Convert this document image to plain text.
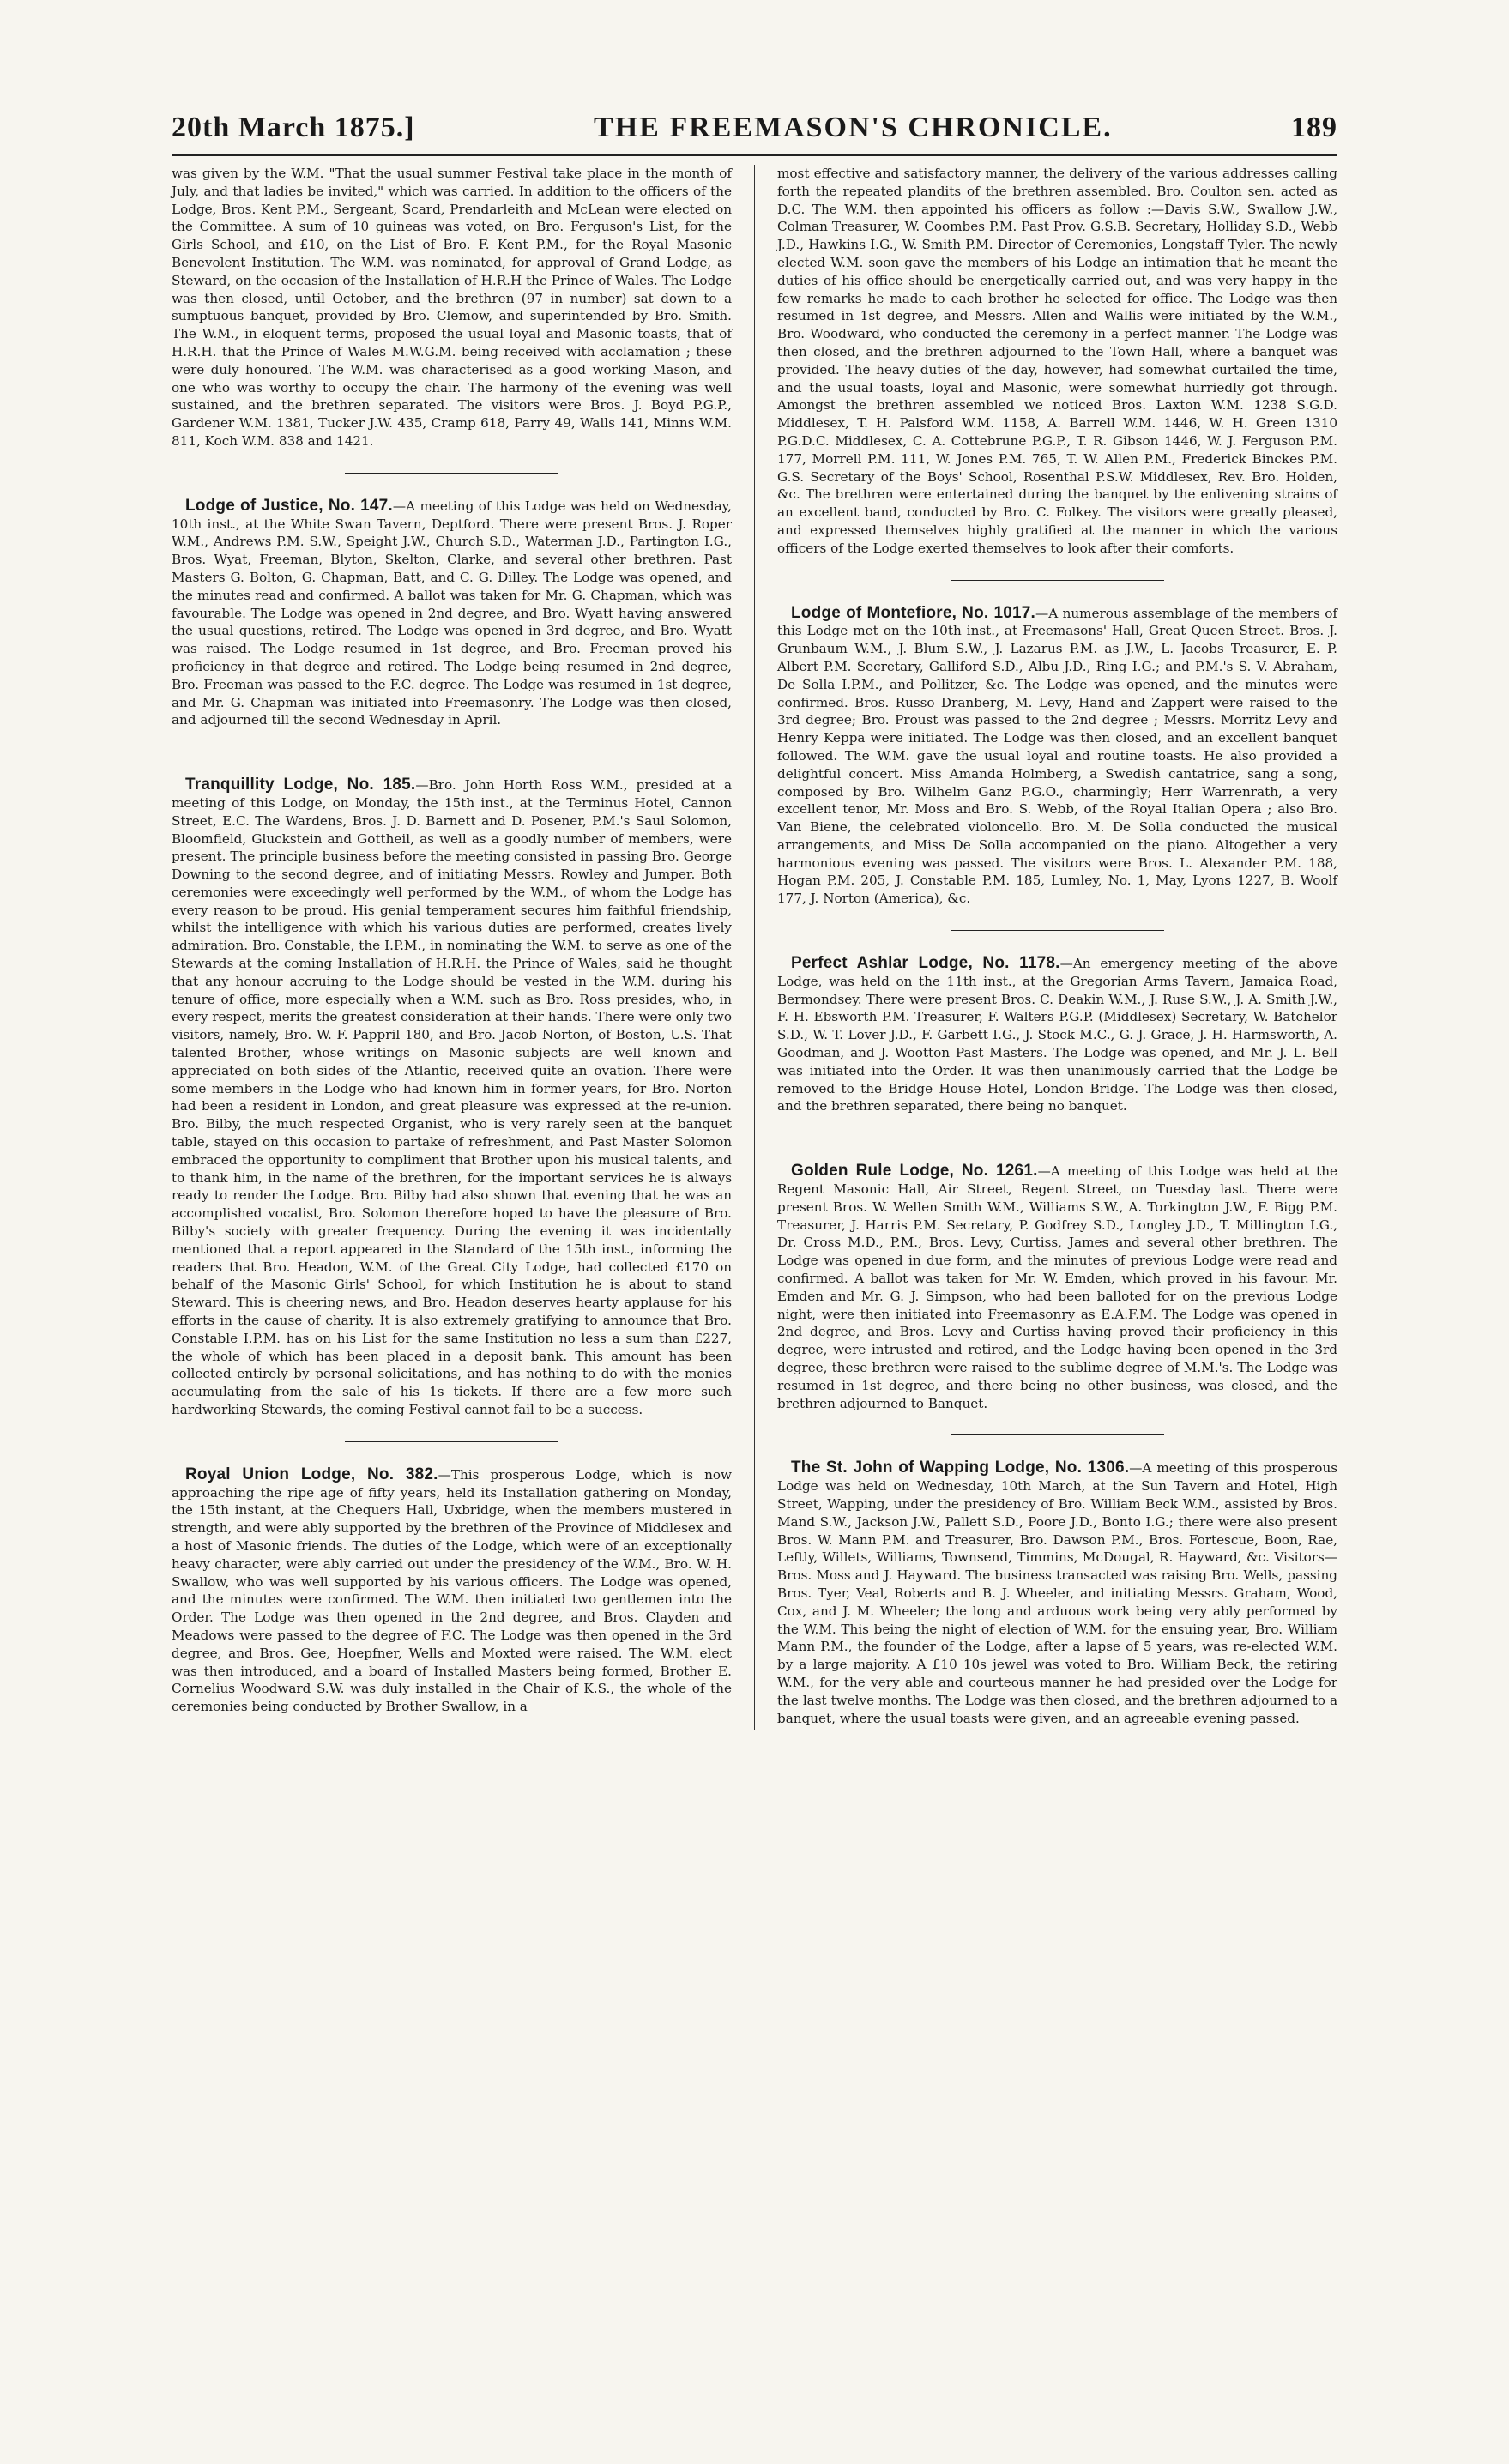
20th March 1875.]	THE FREEMASON'S CHRONICLE.	189

was given by the W.M. "That the usual summer Festival take place in the month of July, and that ladies be invited," which was carried. In addition to the officers of the Lodge, Bros. Kent P.M., Sergeant, Scard, Prendarleith and McLean were elected on the Committee. A sum of 10 guineas was voted, on Bro. Ferguson's List, for the Girls School, and £10, on the List of Bro. F. Kent P.M., for the Royal Masonic Benevolent Institution. The W.M. was nominated, for approval of Grand Lodge, as Steward, on the occasion of the Installation of H.R.H the Prince of Wales. The Lodge was then closed, until October, and the brethren (97 in number) sat down to a sumptuous banquet, provided by Bro. Clemow, and superintended by Bro. Smith. The W.M., in eloquent terms, proposed the usual loyal and Masonic toasts, that of H.R.H. that the Prince of Wales M.W.G.M. being received with acclamation ; these were duly honoured. The W.M. was characterised as a good working Mason, and one who was worthy to occupy the chair. The harmony of the evening was well sustained, and the brethren separated. The visitors were Bros. J. Boyd P.G.P., Gardener W.M. 1381, Tucker J.W. 435, Cramp 618, Parry 49, Walls 141, Minns W.M. 811, Koch W.M. 838 and 1421.

Lodge of Justice, No. 147.—A meeting of this Lodge was held on Wednesday, 10th inst., at the White Swan Tavern, Deptford. There were present Bros. J. Roper W.M., Andrews P.M. S.W., Speight J.W., Church S.D., Waterman J.D., Partington I.G., Bros. Wyat, Freeman, Blyton, Skelton, Clarke, and several other brethren. Past Masters G. Bolton, G. Chapman, Batt, and C. G. Dilley. The Lodge was opened, and the minutes read and confirmed. A ballot was taken for Mr. G. Chapman, which was favourable. The Lodge was opened in 2nd degree, and Bro. Wyatt having answered the usual questions, retired. The Lodge was opened in 3rd degree, and Bro. Wyatt was raised. The Lodge resumed in 1st degree, and Bro. Freeman proved his proficiency in that degree and retired. The Lodge being resumed in 2nd degree, Bro. Freeman was passed to the F.C. degree. The Lodge was resumed in 1st degree, and Mr. G. Chapman was initiated into Freemasonry. The Lodge was then closed, and adjourned till the second Wednesday in April.

Tranquillity Lodge, No. 185.—Bro. John Horth Ross W.M., presided at a meeting of this Lodge, on Monday, the 15th inst., at the Terminus Hotel, Cannon Street, E.C. The Wardens, Bros. J. D. Barnett and D. Posener, P.M.'s Saul Solomon, Bloomfield, Gluckstein and Gottheil, as well as a goodly number of members, were present. The principle business before the meeting consisted in passing Bro. George Downing to the second degree, and of initiating Messrs. Rowley and Jumper. Both ceremonies were exceedingly well performed by the W.M., of whom the Lodge has every reason to be proud. His genial temperament secures him faithful friendship, whilst the intelligence with which his various duties are performed, creates lively admiration. Bro. Constable, the I.P.M., in nominating the W.M. to serve as one of the Stewards at the coming Installation of H.R.H. the Prince of Wales, said he thought that any honour accruing to the Lodge should be vested in the W.M. during his tenure of office, more especially when a W.M. such as Bro. Ross presides, who, in every respect, merits the greatest consideration at their hands. There were only two visitors, namely, Bro. W. F. Pappril 180, and Bro. Jacob Norton, of Boston, U.S. That talented Brother, whose writings on Masonic subjects are well known and appreciated on both sides of the Atlantic, received quite an ovation. There were some members in the Lodge who had known him in former years, for Bro. Norton had been a resident in London, and great pleasure was expressed at the re-union. Bro. Bilby, the much respected Organist, who is very rarely seen at the banquet table, stayed on this occasion to partake of refreshment, and Past Master Solomon embraced the opportunity to compliment that Brother upon his musical talents, and to thank him, in the name of the brethren, for the important services he is always ready to render the Lodge. Bro. Bilby had also shown that evening that he was an accomplished vocalist, Bro. Solomon therefore hoped to have the pleasure of Bro. Bilby's society with greater frequency. During the evening it was incidentally mentioned that a report appeared in the Standard of the 15th inst., informing the readers that Bro. Headon, W.M. of the Great City Lodge, had collected £170 on behalf of the Masonic Girls' School, for which Institution he is about to stand Steward. This is cheering news, and Bro. Headon deserves hearty applause for his efforts in the cause of charity. It is also extremely gratifying to announce that Bro. Constable I.P.M. has on his List for the same Institution no less a sum than £227, the whole of which has been placed in a deposit bank. This amount has been collected entirely by personal solicitations, and has nothing to do with the monies accumulating from the sale of his 1s tickets. If there are a few more such hardworking Stewards, the coming Festival cannot fail to be a success.

Royal Union Lodge, No. 382.—This prosperous Lodge, which is now approaching the ripe age of fifty years, held its Installation gathering on Monday, the 15th instant, at the Chequers Hall, Uxbridge, when the members mustered in strength, and were ably supported by the brethren of the Province of Middlesex and a host of Masonic friends. The duties of the Lodge, which were of an exceptionally heavy character, were ably carried out under the presidency of the W.M., Bro. W. H. Swallow, who was well supported by his various officers. The Lodge was opened, and the minutes were confirmed. The W.M. then initiated two gentlemen into the Order. The Lodge was then opened in the 2nd degree, and Bros. Clayden and Meadows were passed to the degree of F.C. The Lodge was then opened in the 3rd degree, and Bros. Gee, Hoepfner, Wells and Moxted were raised. The W.M. elect was then introduced, and a board of Installed Masters being formed, Brother E. Cornelius Woodward S.W. was duly installed in the Chair of K.S., the whole of the ceremonies being conducted by Brother Swallow, in a

most effective and satisfactory manner, the delivery of the various addresses calling forth the repeated plandits of the brethren assembled. Bro. Coulton sen. acted as D.C. The W.M. then appointed his officers as follow :—Davis S.W., Swallow J.W., Colman Treasurer, W. Coombes P.M. Past Prov. G.S.B. Secretary, Holliday S.D., Webb J.D., Hawkins I.G., W. Smith P.M. Director of Ceremonies, Longstaff Tyler. The newly elected W.M. soon gave the members of his Lodge an intimation that he meant the duties of his office should be energetically carried out, and was very happy in the few remarks he made to each brother he selected for office. The Lodge was then resumed in 1st degree, and Messrs. Allen and Wallis were initiated by the W.M., Bro. Woodward, who conducted the ceremony in a perfect manner. The Lodge was then closed, and the brethren adjourned to the Town Hall, where a banquet was provided. The heavy duties of the day, however, had somewhat curtailed the time, and the usual toasts, loyal and Masonic, were somewhat hurriedly got through. Amongst the brethren assembled we noticed Bros. Laxton W.M. 1238 S.G.D. Middlesex, T. H. Palsford W.M. 1158, A. Barrell W.M. 1446, W. H. Green 1310 P.G.D.C. Middlesex, C. A. Cottebrune P.G.P., T. R. Gibson 1446, W. J. Ferguson P.M. 177, Morrell P.M. 111, W. Jones P.M. 765, T. W. Allen P.M., Frederick Binckes P.M. G.S. Secretary of the Boys' School, Rosenthal P.S.W. Middlesex, Rev. Bro. Holden, &c. The brethren were entertained during the banquet by the enlivening strains of an excellent band, conducted by Bro. C. Folkey. The visitors were greatly pleased, and expressed themselves highly gratified at the manner in which the various officers of the Lodge exerted themselves to look after their comforts.

Lodge of Montefiore, No. 1017.—A numerous assemblage of the members of this Lodge met on the 10th inst., at Freemasons' Hall, Great Queen Street. Bros. J. Grunbaum W.M., J. Blum S.W., J. Lazarus P.M. as J.W., L. Jacobs Treasurer, E. P. Albert P.M. Secretary, Galliford S.D., Albu J.D., Ring I.G.; and P.M.'s S. V. Abraham, De Solla I.P.M., and Pollitzer, &c. The Lodge was opened, and the minutes were confirmed. Bros. Russo Dranberg, M. Levy, Hand and Zappert were raised to the 3rd degree; Bro. Proust was passed to the 2nd degree ; Messrs. Morritz Levy and Henry Keppa were initiated. The Lodge was then closed, and an excellent banquet followed. The W.M. gave the usual loyal and routine toasts. He also provided a delightful concert. Miss Amanda Holmberg, a Swedish cantatrice, sang a song, composed by Bro. Wilhelm Ganz P.G.O., charmingly; Herr Warrenrath, a very excellent tenor, Mr. Moss and Bro. S. Webb, of the Royal Italian Opera ; also Bro. Van Biene, the celebrated violoncello. Bro. M. De Solla conducted the musical arrangements, and Miss De Solla accompanied on the piano. Altogether a very harmonious evening was passed. The visitors were Bros. L. Alexander P.M. 188, Hogan P.M. 205, J. Constable P.M. 185, Lumley, No. 1, May, Lyons 1227, B. Woolf 177, J. Norton (America), &c.

Perfect Ashlar Lodge, No. 1178.—An emergency meeting of the above Lodge, was held on the 11th inst., at the Gregorian Arms Tavern, Jamaica Road, Bermondsey. There were present Bros. C. Deakin W.M., J. Ruse S.W., J. A. Smith J.W., F. H. Ebsworth P.M. Treasurer, F. Walters P.G.P. (Middlesex) Secretary, W. Batchelor S.D., W. T. Lover J.D., F. Garbett I.G., J. Stock M.C., G. J. Grace, J. H. Harmsworth, A. Goodman, and J. Wootton Past Masters. The Lodge was opened, and Mr. J. L. Bell was initiated into the Order. It was then unanimously carried that the Lodge be removed to the Bridge House Hotel, London Bridge. The Lodge was then closed, and the brethren separated, there being no banquet.

Golden Rule Lodge, No. 1261.—A meeting of this Lodge was held at the Regent Masonic Hall, Air Street, Regent Street, on Tuesday last. There were present Bros. W. Wellen Smith W.M., Williams S.W., A. Torkington J.W., F. Bigg P.M. Treasurer, J. Harris P.M. Secretary, P. Godfrey S.D., Longley J.D., T. Millington I.G., Dr. Cross M.D., P.M., Bros. Levy, Curtiss, James and several other brethren. The Lodge was opened in due form, and the minutes of previous Lodge were read and confirmed. A ballot was taken for Mr. W. Emden, which proved in his favour. Mr. Emden and Mr. G. J. Simpson, who had been balloted for on the previous Lodge night, were then initiated into Freemasonry as E.A.F.M. The Lodge was opened in 2nd degree, and Bros. Levy and Curtiss having proved their proficiency in this degree, were intrusted and retired, and the Lodge having been opened in the 3rd degree, these brethren were raised to the sublime degree of M.M.'s. The Lodge was resumed in 1st degree, and there being no other business, was closed, and the brethren adjourned to Banquet.

The St. John of Wapping Lodge, No. 1306.—A meeting of this prosperous Lodge was held on Wednesday, 10th March, at the Sun Tavern and Hotel, High Street, Wapping, under the presidency of Bro. William Beck W.M., assisted by Bros. Mand S.W., Jackson J.W., Pallett S.D., Poore J.D., Bonto I.G.; there were also present Bros. W. Mann P.M. and Treasurer, Bro. Dawson P.M., Bros. Fortescue, Boon, Rae, Leftly, Willets, Williams, Townsend, Timmins, McDougal, R. Hayward, &c. Visitors—Bros. Moss and J. Hayward. The business transacted was raising Bro. Wells, passing Bros. Tyer, Veal, Roberts and B. J. Wheeler, and initiating Messrs. Graham, Wood, Cox, and J. M. Wheeler; the long and arduous work being very ably performed by the W.M. This being the night of election of W.M. for the ensuing year, Bro. William Mann P.M., the founder of the Lodge, after a lapse of 5 years, was re-elected W.M. by a large majority. A £10 10s jewel was voted to Bro. William Beck, the retiring W.M., for the very able and courteous manner he had presided over the Lodge for the last twelve months. The Lodge was then closed, and the brethren adjourned to a banquet, where the usual toasts were given, and an agreeable evening passed.
